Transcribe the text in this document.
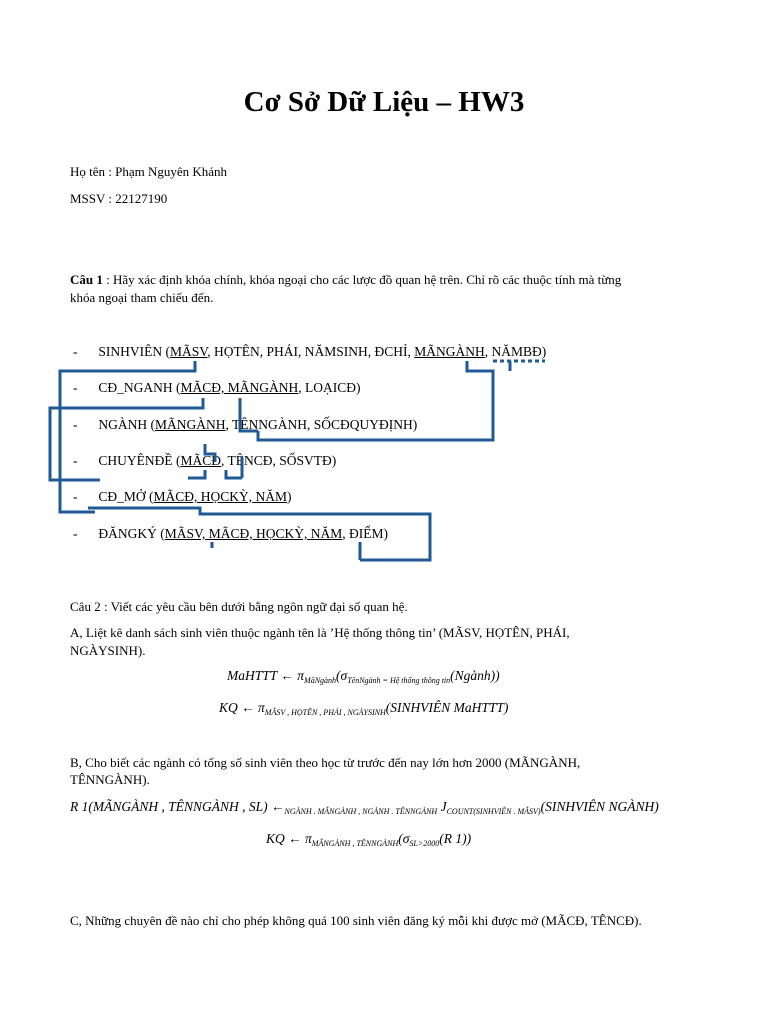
Cơ Sở Dữ Liệu – HW3
Họ tên : Phạm Nguyên Khánh
MSSV : 22127190
Câu 1 : Hãy xác định khóa chính, khóa ngoại cho các lược đồ quan hệ trên. Chỉ rõ các thuộc tính mà từng
khóa ngoại tham chiếu đến.
- SINHVIÊN (MÃSV, HỌTÊN, PHÁI, NĂMSINH, ĐCHỈ, MÃNGÀNH, NĂMBĐ)
- CĐ_NGANH (MÃCĐ, MÃNGÀNH, LOẠICĐ)
- NGÀNH (MÃNGÀNH, TÊNNGÀNH, SỐCĐQUYĐỊNH)
- CHUYÊNĐỀ (MÃCĐ, TÊNCĐ, SỐSVTĐ)
- CĐ_MỞ (MÃCĐ, HỌCKỲ, NĂM)
- ĐĂNGKÝ (MÃSV, MÃCĐ, HỌCKỲ, NĂM, ĐIỂM)
Câu 2 : Viết các yêu cầu bên dưới bằng ngôn ngữ đại số quan hệ.
A, Liệt kê danh sách sinh viên thuộc ngành tên là ’Hệ thống thông tin’ (MÃSV, HỌTÊN, PHÁI,
NGÀYSINH).
MaHTTT ← $\pi_{MãNgành}(\sigma_{TênNgành = Hệ thống thông tin}(Ngành))$
KQ ← $\pi_{MÃSV , HỌTÊN , PHÁI , NGÀYSINH}(SINHVIÊN$ MaHTTT)
B, Cho biết các ngành có tổng số sinh viên theo học từ trước đến nay lớn hơn 2000 (MÃNGÀNH,
TÊNNGÀNH).
R 1(MÃNGÀNH , TÊNNGÀNH , SL) $\leftarrow_{NGÀNH . MÃNGÀNH , NGÀNH . TÊNNGÀNH}$ $J_{COUNT(SINHVIÊN . MÃSV)}(SINHVIÊN$ NGÀNH)
KQ ← $\pi_{MÃNGÀNH , TÊNNGÀNH}(\sigma_{SL>2000}(R$ 1))
C, Những chuyên đề nào chỉ cho phép không quá 100 sinh viên đăng ký mỗi khi được mở (MÃCĐ, TÊNCĐ).
